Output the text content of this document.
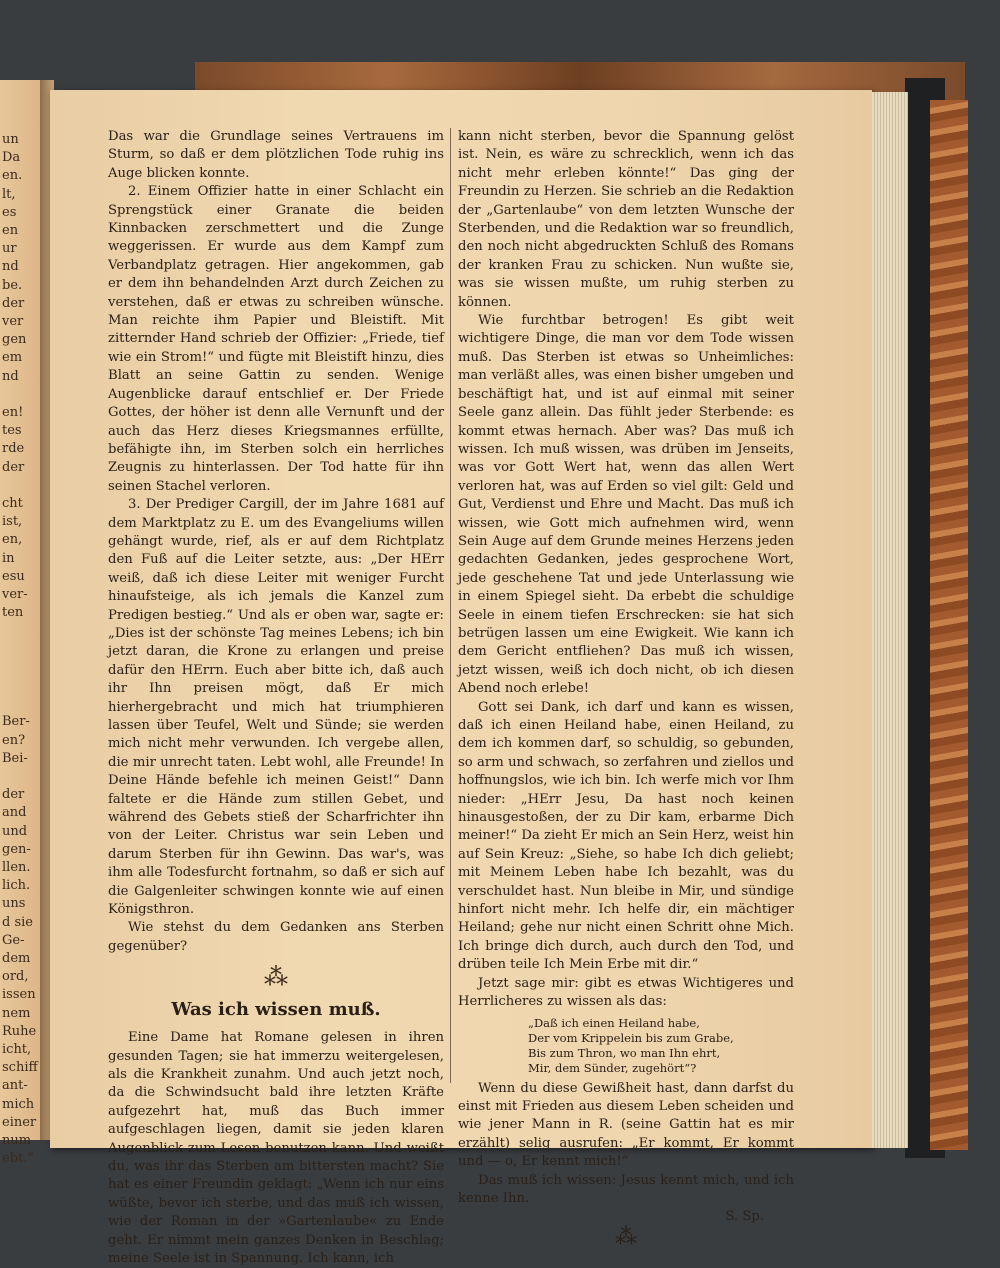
un
Da
en.
lt,
es
en
ur
nd
be.
der
ver
gen
em
nd
en!
tes
rde
der
cht
ist,
en,
in
esu
ver-
ten
Ber-
en?
Bei-
der
and
und
gen-
llen.
lich.
uns
d sie
Ge-
dem
ord,
issen
nem
Ruhe
icht,
schiff
ant-
mich
einer
num
ebt.“

Das war die Grundlage seines Vertrauens im Sturm, so daß er dem plötzlichen Tode ruhig ins Auge blicken konnte.

2. Einem Offizier hatte in einer Schlacht ein Sprengstück einer Granate die beiden Kinnbacken zerschmettert und die Zunge weggerissen. Er wurde aus dem Kampf zum Verbandplatz getragen. Hier angekommen, gab er dem ihn behandelnden Arzt durch Zeichen zu verstehen, daß er etwas zu schreiben wünsche. Man reichte ihm Papier und Bleistift. Mit zitternder Hand schrieb der Offizier: „Friede, tief wie ein Strom!“ und fügte mit Bleistift hinzu, dies Blatt an seine Gattin zu senden. Wenige Augenblicke darauf entschlief er. Der Friede Gottes, der höher ist denn alle Vernunft und der auch das Herz dieses Kriegsmannes erfüllte, befähigte ihn, im Sterben solch ein herrliches Zeugnis zu hinterlassen. Der Tod hatte für ihn seinen Stachel verloren.

3. Der Prediger Cargill, der im Jahre 1681 auf dem Marktplatz zu E. um des Evangeliums willen gehängt wurde, rief, als er auf dem Richtplatz den Fuß auf die Leiter setzte, aus: „Der HErr weiß, daß ich diese Leiter mit weniger Furcht hinaufsteige, als ich jemals die Kanzel zum Predigen bestieg.“ Und als er oben war, sagte er: „Dies ist der schönste Tag meines Lebens; ich bin jetzt daran, die Krone zu erlangen und preise dafür den HErrn. Euch aber bitte ich, daß auch ihr Ihn preisen mögt, daß Er mich hierhergebracht und mich hat triumphieren lassen über Teufel, Welt und Sünde; sie werden mich nicht mehr verwunden. Ich vergebe allen, die mir unrecht taten. Lebt wohl, alle Freunde! In Deine Hände befehle ich meinen Geist!“ Dann faltete er die Hände zum stillen Gebet, und während des Gebets stieß der Scharfrichter ihn von der Leiter. Christus war sein Leben und darum Sterben für ihn Gewinn. Das war's, was ihm alle Todesfurcht fortnahm, so daß er sich auf die Galgenleiter schwingen konnte wie auf einen Königsthron.

Wie stehst du dem Gedanken ans Sterben gegenüber?

⁂
Was ich wissen muß.

Eine Dame hat Romane gelesen in ihren gesunden Tagen; sie hat immerzu weitergelesen, als die Krankheit zunahm. Und auch jetzt noch, da die Schwindsucht bald ihre letzten Kräfte aufgezehrt hat, muß das Buch immer aufgeschlagen liegen, damit sie jeden klaren Augenblick zum Lesen benutzen kann. Und weißt du, was ihr das Sterben am bittersten macht? Sie hat es einer Freundin geklagt: „Wenn ich nur eins wüßte, bevor ich sterbe, und das muß ich wissen, wie der Roman in der »Gartenlaube« zu Ende geht. Er nimmt mein ganzes Denken in Beschlag; meine Seele ist in Spannung. Ich kann, ich

kann nicht sterben, bevor die Spannung gelöst ist. Nein, es wäre zu schrecklich, wenn ich das nicht mehr erleben könnte!“ Das ging der Freundin zu Herzen. Sie schrieb an die Redaktion der „Gartenlaube“ von dem letzten Wunsche der Sterbenden, und die Redaktion war so freundlich, den noch nicht abgedruckten Schluß des Romans der kranken Frau zu schicken. Nun wußte sie, was sie wissen mußte, um ruhig sterben zu können.

Wie furchtbar betrogen! Es gibt weit wichtigere Dinge, die man vor dem Tode wissen muß. Das Sterben ist etwas so Unheimliches: man verläßt alles, was einen bisher umgeben und beschäftigt hat, und ist auf einmal mit seiner Seele ganz allein. Das fühlt jeder Sterbende: es kommt etwas hernach. Aber was? Das muß ich wissen. Ich muß wissen, was drüben im Jenseits, was vor Gott Wert hat, wenn das allen Wert verloren hat, was auf Erden so viel gilt: Geld und Gut, Verdienst und Ehre und Macht. Das muß ich wissen, wie Gott mich aufnehmen wird, wenn Sein Auge auf dem Grunde meines Herzens jeden gedachten Gedanken, jedes gesprochene Wort, jede geschehene Tat und jede Unterlassung wie in einem Spiegel sieht. Da erbebt die schuldige Seele in einem tiefen Erschrecken: sie hat sich betrügen lassen um eine Ewigkeit. Wie kann ich dem Gericht entfliehen? Das muß ich wissen, jetzt wissen, weiß ich doch nicht, ob ich diesen Abend noch erlebe!

Gott sei Dank, ich darf und kann es wissen, daß ich einen Heiland habe, einen Heiland, zu dem ich kommen darf, so schuldig, so gebunden, so arm und schwach, so zerfahren und ziellos und hoffnungslos, wie ich bin. Ich werfe mich vor Ihm nieder: „HErr Jesu, Da hast noch keinen hinausgestoßen, der zu Dir kam, erbarme Dich meiner!“ Da zieht Er mich an Sein Herz, weist hin auf Sein Kreuz: „Siehe, so habe Ich dich geliebt; mit Meinem Leben habe Ich bezahlt, was du verschuldet hast. Nun bleibe in Mir, und sündige hinfort nicht mehr. Ich helfe dir, ein mächtiger Heiland; gehe nur nicht einen Schritt ohne Mich. Ich bringe dich durch, auch durch den Tod, und drüben teile Ich Mein Erbe mit dir.“

Jetzt sage mir: gibt es etwas Wichtigeres und Herrlicheres zu wissen als das:

„Daß ich einen Heiland habe,
Der vom Krippelein bis zum Grabe,
Bis zum Thron, wo man Ihn ehrt,
Mir, dem Sünder, zugehört“?

Wenn du diese Gewißheit hast, dann darfst du einst mit Frieden aus diesem Leben scheiden und wie jener Mann in R. (seine Gattin hat es mir erzählt) selig ausrufen: „Er kommt, Er kommt und — o, Er kennt mich!“

Das muß ich wissen: Jesus kennt mich, und ich kenne Ihn.

S. Sp.
⁂
